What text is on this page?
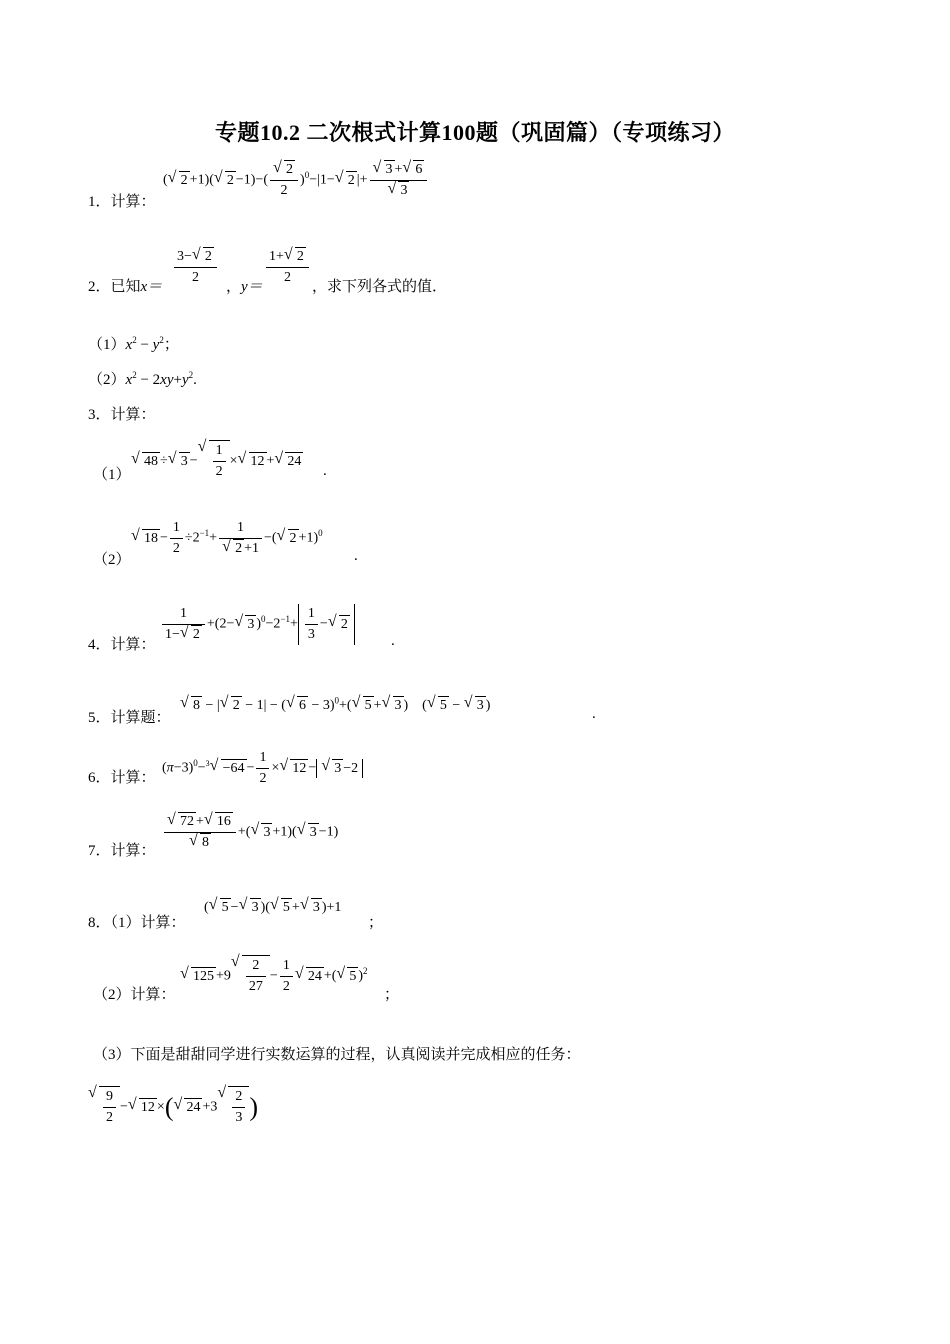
专题10.2 二次根式计算100题（巩固篇）（专项练习）
1．计算：
(√ 2 +1)(√ 2 −1)−(
√ $\frac{2}{2} )^0-|1-√$ 2 |+
√ 3 +√ 6
√ 3
2．已知$x= \frac{3-√ 2}{2}$ ，$y= \frac{1+√ 2}{2}$ ，求下列各式的值．
$(1)x^2 - y^2$；
$(2)x^2 - 2xy+y^2$.
3．计算：
（1）
√ 48 ÷√ 3 −
√ $\frac{1}{2}$ ×√ 12 +√ 24
.
（2）
√ $18 - \frac{1}{2} \div 2^{-1}+ 1$
√ 2 +1 −(√ 2 +1)$^0$
.
4．计算： $\frac{1}{1-√ 2} +(2-√$ 3 )$^0-2^{-1}+ \frac{1}{3}$ −√ 2
.
5．计算题：
√ 8 − |√ 2 − 1| − (√ 6 − 3)$^0$+(√ 5 +√ 3 )　(√ 5 − √ 3 )
.
6．计算：
$(\pi-3)^0-^3√ -64 - \frac{1}{2}$ ×√ 12 −√ 3 −2
7．计算：
√ 72 +√ 16
√ 8 +(√ 3 +1)(√ 3 −1)
8．（1）计算：
(√ 5 −√ 3 )(√ 5 +√ 3 )+1
；
（2）计算：
√ 125 +9
√ $\frac{2}{27} - \frac{1}{2}$
√ 24 +(√ 5 )$^2$
；
（3）下面是甜甜同学进行实数运算的过程，认真阅读并完成相应的任务：
√ $\frac{9}{2}$ −√ 12 ×(√ 24 +3
√ $\frac{2}{3}$ )
